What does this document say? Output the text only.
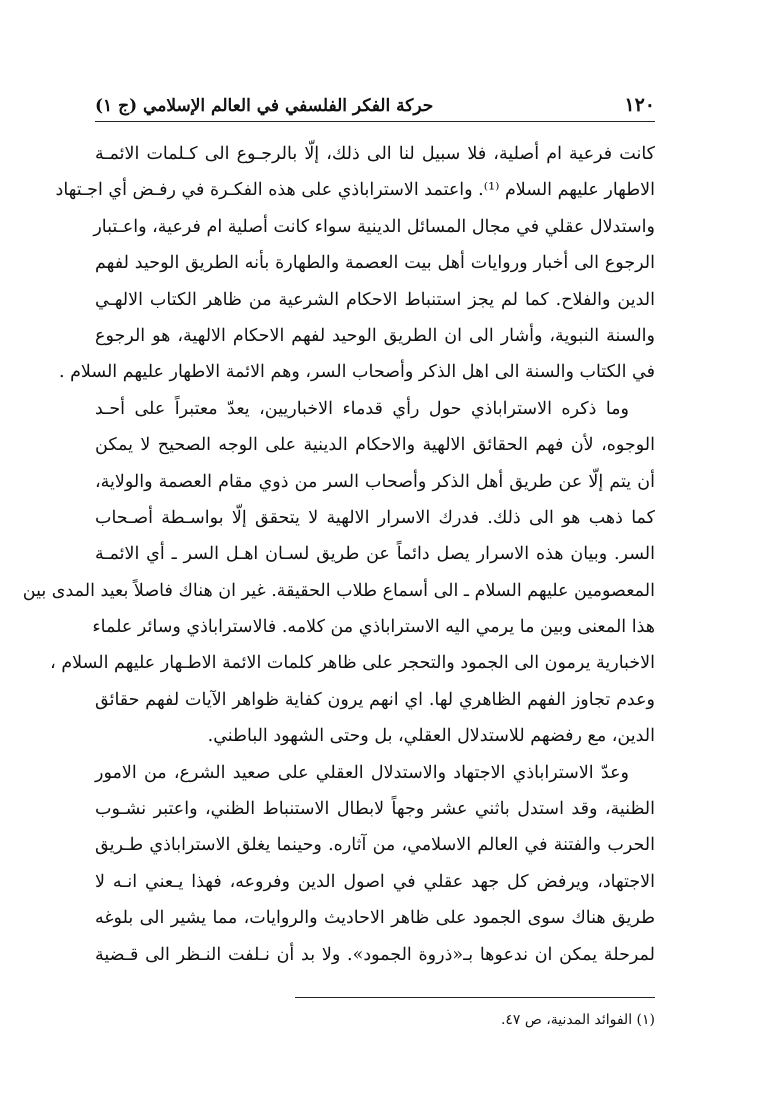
١٢٠
حركة الفكر الفلسفي في العالم الإسلامي (ج ١)
كانت فرعية ام أصلية، فلا سبيل لنا الى ذلك، إلّا بالرجـوع الى كـلمات الائمـة
الاطهار عليهم السلام ⁽¹⁾. واعتمد الاستراباذي على هذه الفكـرة في رفـض أي اجـتهاد
واستدلال عقلي في مجال المسائل الدينية سواء كانت أصلية ام فرعية، واعـتبار
الرجوع الى أخبار وروايات أهل بيت العصمة والطهارة بأنه الطريق الوحيد لفهم
الدين والفلاح. كما لم يجز استنباط الاحكام الشرعية من ظاهر الكتاب الالهـي
والسنة النبوية، وأشار الى ان الطريق الوحيد لفهم الاحكام الالهية، هو الرجوع
في الكتاب والسنة الى اهل الذكر وأصحاب السر، وهم الائمة الاطهار عليهم السلام .
وما ذكره الاستراباذي حول رأي قدماء الاخباريين، يعدّ معتبراً على أحـد
الوجوه، لأن فهم الحقائق الالهية والاحكام الدينية على الوجه الصحيح لا يمكن
أن يتم إلّا عن طريق أهل الذكر وأصحاب السر من ذوي مقام العصمة والولاية،
كما ذهب هو الى ذلك. فدرك الاسرار الالهية لا يتحقق إلّا بواسـطة أصـحاب
السر. وبيان هذه الاسرار يصل دائماً عن طريق لسـان اهـل السر ـ أي الائمـة
المعصومين عليهم السلام ـ الى أسماع طلاب الحقيقة. غير ان هناك فاصلاً بعيد المدى بين
هذا المعنى وبين ما يرمي اليه الاستراباذي من كلامه. فالاستراباذي وسائر علماء
الاخبارية يرمون الى الجمود والتحجر على ظاهر كلمات الائمة الاطـهار عليهم السلام ،
وعدم تجاوز الفهم الظاهري لها. اي انهم يرون كفاية ظواهر الآيات لفهم حقائق
الدين، مع رفضهم للاستدلال العقلي، بل وحتى الشهود الباطني.
وعدّ الاستراباذي الاجتهاد والاستدلال العقلي على صعيد الشرع، من الامور
الظنية، وقد استدل باثني عشر وجهاً لابطال الاستنباط الظني، واعتبر نشـوب
الحرب والفتنة في العالم الاسلامي، من آثاره. وحينما يغلق الاستراباذي طـريق
الاجتهاد، ويرفض كل جهد عقلي في اصول الدين وفروعه، فهذا يـعني انـه لا
طريق هناك سوى الجمود على ظاهر الاحاديث والروايات، مما يشير الى بلوغه
لمرحلة يمكن ان ندعوها بـ«ذروة الجمود». ولا بد أن نـلفت النـظر الى قـضية
(١) الفوائد المدنية، ص ٤٧.
